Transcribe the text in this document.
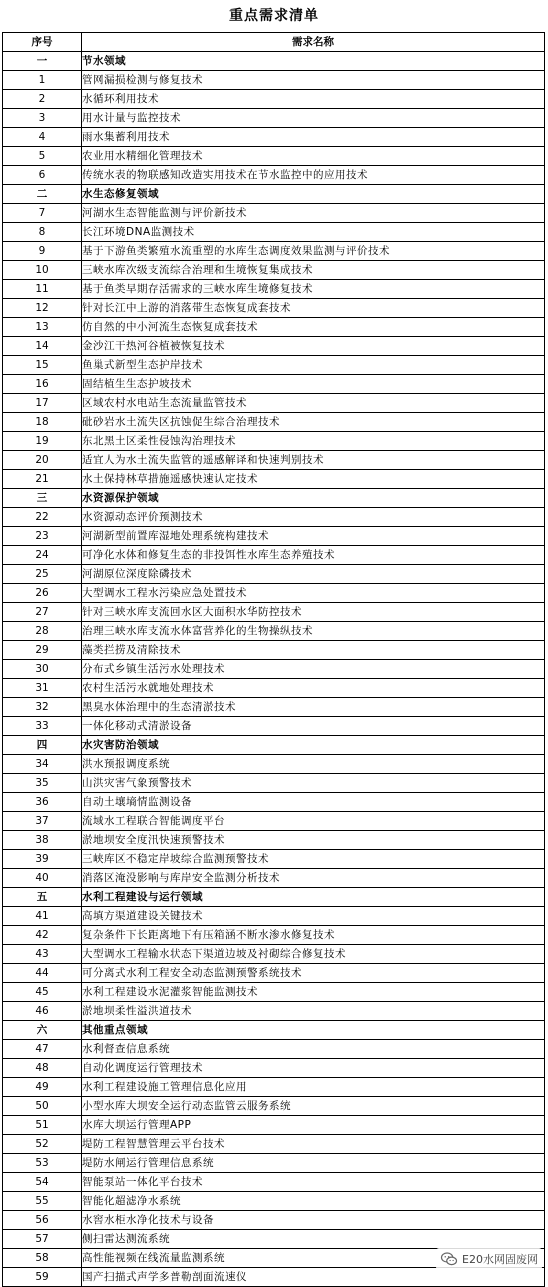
重点需求清单
序号	需求名称
一	节水领域
1	管网漏损检测与修复技术
2	水循环利用技术
3	用水计量与监控技术
4	雨水集蓄利用技术
5	农业用水精细化管理技术
6	传统水表的物联感知改造实用技术在节水监控中的应用技术
二	水生态修复领域
7	河湖水生态智能监测与评价新技术
8	长江环境DNA监测技术
9	基于下游鱼类繁殖水流重塑的水库生态调度效果监测与评价技术
10	三峡水库次级支流综合治理和生境恢复集成技术
11	基于鱼类早期存活需求的三峡水库生境修复技术
12	针对长江中上游的消落带生态恢复成套技术
13	仿自然的中小河流生态恢复成套技术
14	金沙江干热河谷植被恢复技术
15	鱼巢式新型生态护岸技术
16	固结植生生态护坡技术
17	区域农村水电站生态流量监管技术
18	砒砂岩水土流失区抗蚀促生综合治理技术
19	东北黑土区柔性侵蚀沟治理技术
20	适宜人为水土流失监管的遥感解译和快速判别技术
21	水土保持林草措施遥感快速认定技术
三	水资源保护领域
22	水资源动态评价预测技术
23	河湖新型前置库湿地处理系统构建技术
24	可净化水体和修复生态的非投饵性水库生态养殖技术
25	河湖原位深度除磷技术
26	大型调水工程水污染应急处置技术
27	针对三峡水库支流回水区大面积水华防控技术
28	治理三峡水库支流水体富营养化的生物操纵技术
29	藻类拦捞及清除技术
30	分布式乡镇生活污水处理技术
31	农村生活污水就地处理技术
32	黑臭水体治理中的生态清淤技术
33	一体化移动式清淤设备
四	水灾害防治领域
34	洪水预报调度系统
35	山洪灾害气象预警技术
36	自动土壤墒情监测设备
37	流域水工程联合智能调度平台
38	淤地坝安全度汛快速预警技术
39	三峡库区不稳定岸坡综合监测预警技术
40	消落区淹没影响与库岸安全监测分析技术
五	水利工程建设与运行领域
41	高填方渠道建设关键技术
42	复杂条件下长距离地下有压箱涵不断水渗水修复技术
43	大型调水工程输水状态下渠道边坡及衬砌综合修复技术
44	可分离式水利工程安全动态监测预警系统技术
45	水利工程建设水泥灌浆智能监测技术
46	淤地坝柔性溢洪道技术
六	其他重点领域
47	水利督查信息系统
48	自动化调度运行管理技术
49	水利工程建设施工管理信息化应用
50	小型水库大坝安全运行动态监管云服务系统
51	水库大坝运行管理APP
52	堤防工程智慧管理云平台技术
53	堤防水闸运行管理信息系统
54	智能泵站一体化平台技术
55	智能化超滤净水系统
56	水窖水柜水净化技术与设备
57	侧扫雷达测流系统
58	高性能视频在线流量监测系统
59	国产扫描式声学多普勒剖面流速仪
E20水网固废网
